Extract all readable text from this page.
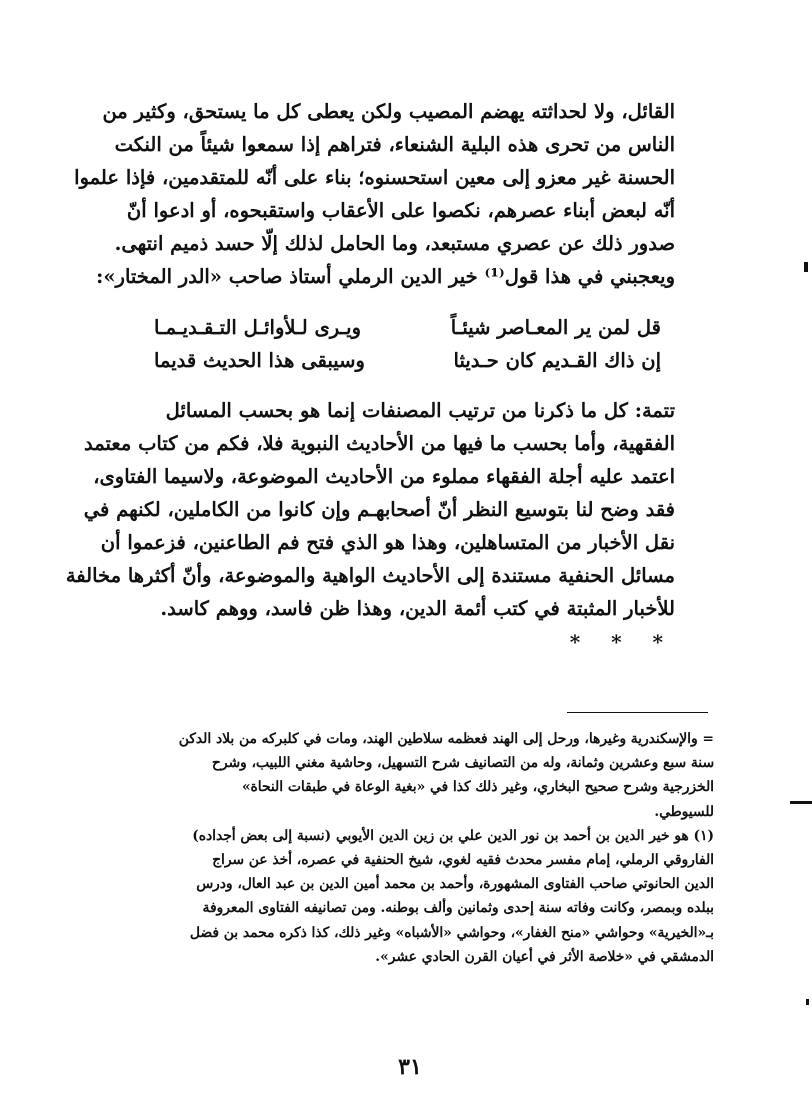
القائل، ولا لحداثته يهضم المصيب ولكن يعطى كل ما يستحق، وكثير من
الناس من تحرى هذه البلية الشنعاء، فتراهم إذا سمعوا شيئاً من النكت
الحسنة غير معزو إلى معين استحسنوه؛ بناء على أنّه للمتقدمين، فإذا علموا
أنّه لبعض أبناء عصرهم، نكصوا على الأعقاب واستقبحوه، أو ادعوا أنّ
صدور ذلك عن عصري مستبعد، وما الحامل لذلك إلّا حسد ذميم انتهى.
ويعجبني في هذا قول⁽¹⁾ خير الدين الرملي أستاذ صاحب «الدر المختار»:
قل لمن ير المعـاصر شيئـاً
ويـرى لـلأوائـل التـقـديـمـا
إن ذاك القـديم كان حـديثا
وسيبقى هذا الحديث قديما
تتمة: كل ما ذكرنا من ترتيب المصنفات إنما هو بحسب المسائل
الفقهية، وأما بحسب ما فيها من الأحاديث النبوية فلا، فكم من كتاب معتمد
اعتمد عليه أجلة الفقهاء مملوء من الأحاديث الموضوعة، ولاسيما الفتاوى،
فقد وضح لنا بتوسيع النظر أنّ أصحابهـم وإن كانوا من الكاملين، لكنهم في
نقل الأخبار من المتساهلين، وهذا هو الذي فتح فم الطاعنين، فزعموا أن
مسائل الحنفية مستندة إلى الأحاديث الواهية والموضوعة، وأنّ أكثرها مخالفة
للأخبار المثبتة في كتب أئمة الدين، وهذا ظن فاسد، ووهم كاسد.
* * *
= والإسكندرية وغيرها، ورحل إلى الهند فعظمه سلاطين الهند، ومات في كلبركه من بلاد الدكن
سنة سبع وعشرين وثمانة، وله من التصانيف شرح التسهيل، وحاشية مغني اللبيب، وشرح
الخزرجية وشرح صحيح البخاري، وغير ذلك كذا في «بغية الوعاة في طبقات النحاة»
للسيوطي.
(١) هو خير الدين بن أحمد بن نور الدين علي بن زين الدين الأيوبي (نسبة إلى بعض أجداده)
الفاروقي الرملي، إمام مفسر محدث فقيه لغوي، شيخ الحنفية في عصره، أخذ عن سراج
الدين الحانوتي صاحب الفتاوى المشهورة، وأحمد بن محمد أمين الدين بن عبد العال، ودرس
ببلده وبمصر، وكانت وفاته سنة إحدى وثمانين وألف بوطنه. ومن تصانيفه الفتاوى المعروفة
بـ«الخيرية» وحواشي «منح الغفار»، وحواشي «الأشباه» وغير ذلك، كذا ذكره محمد بن فضل
الدمشقي في «خلاصة الأثر في أعيان القرن الحادي عشر».
٣١
